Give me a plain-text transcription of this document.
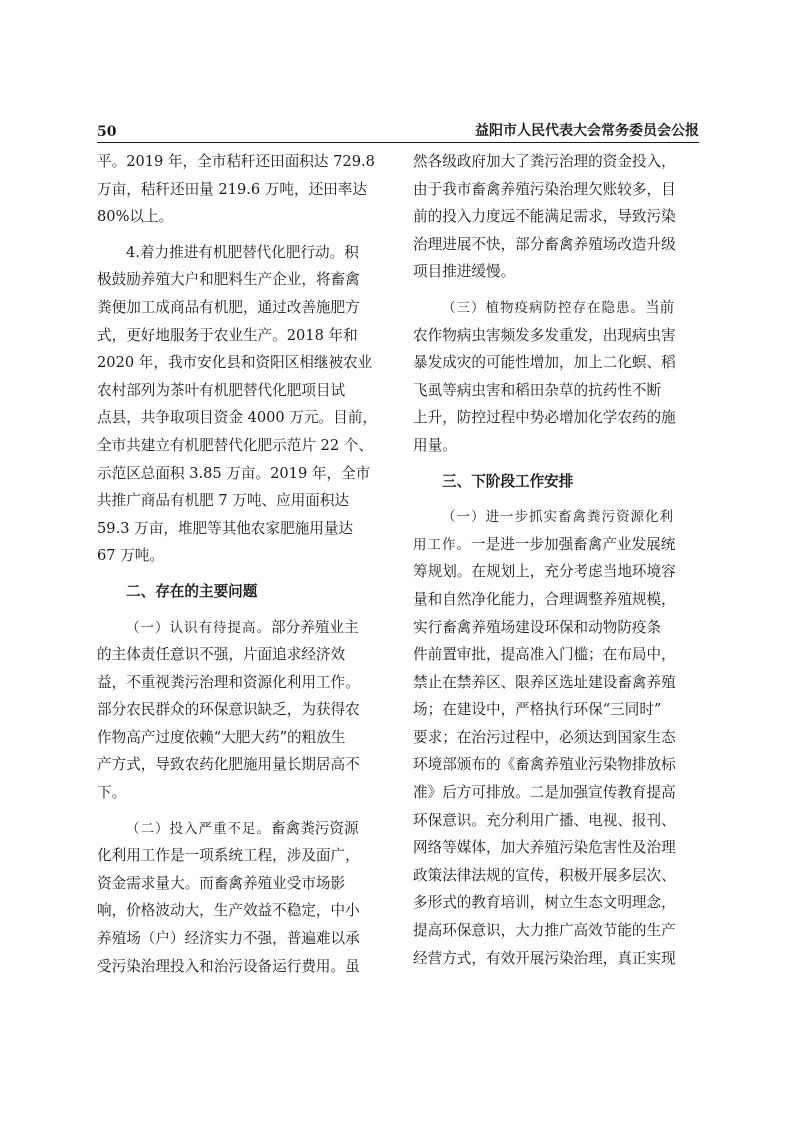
50	益阳市人民代表大会常务委员会公报
平。2019 年，全市秸秆还田面积达 729.8
万亩，秸秆还田量 219.6 万吨，还田率达
80%以上。
4.着力推进有机肥替代化肥行动。积
极鼓励养殖大户和肥料生产企业，将畜禽
粪便加工成商品有机肥，通过改善施肥方
式，更好地服务于农业生产。2018 年和
2020 年，我市安化县和资阳区相继被农业
农村部列为茶叶有机肥替代化肥项目试
点县，共争取项目资金 4000 万元。目前，
全市共建立有机肥替代化肥示范片 22 个、
示范区总面积 3.85 万亩。2019 年，全市
共推广商品有机肥 7 万吨、应用面积达
59.3 万亩，堆肥等其他农家肥施用量达
67 万吨。
二、存在的主要问题
（一）认识有待提高。部分养殖业主
的主体责任意识不强，片面追求经济效
益，不重视粪污治理和资源化利用工作。
部分农民群众的环保意识缺乏，为获得农
作物高产过度依赖“大肥大药”的粗放生
产方式，导致农药化肥施用量长期居高不
下。
（二）投入严重不足。畜禽粪污资源
化利用工作是一项系统工程，涉及面广，
资金需求量大。而畜禽养殖业受市场影
响，价格波动大，生产效益不稳定，中小
养殖场（户）经济实力不强，普遍难以承
受污染治理投入和治污设备运行费用。虽
然各级政府加大了粪污治理的资金投入，
由于我市畜禽养殖污染治理欠账较多，目
前的投入力度远不能满足需求，导致污染
治理进展不快，部分畜禽养殖场改造升级
项目推进缓慢。
（三）植物疫病防控存在隐患。当前
农作物病虫害频发多发重发，出现病虫害
暴发成灾的可能性增加，加上二化螟、稻
飞虱等病虫害和稻田杂草的抗药性不断
上升，防控过程中势必增加化学农药的施
用量。
三、下阶段工作安排
（一）进一步抓实畜禽粪污资源化利
用工作。一是进一步加强畜禽产业发展统
筹规划。在规划上，充分考虑当地环境容
量和自然净化能力，合理调整养殖规模，
实行畜禽养殖场建设环保和动物防疫条
件前置审批，提高准入门槛；在布局中，
禁止在禁养区、限养区选址建设畜禽养殖
场；在建设中，严格执行环保“三同时”
要求；在治污过程中，必须达到国家生态
环境部颁布的《畜禽养殖业污染物排放标
准》后方可排放。二是加强宣传教育提高
环保意识。充分利用广播、电视、报刊、
网络等媒体，加大养殖污染危害性及治理
政策法律法规的宣传，积极开展多层次、
多形式的教育培训，树立生态文明理念，
提高环保意识，大力推广高效节能的生产
经营方式，有效开展污染治理，真正实现
